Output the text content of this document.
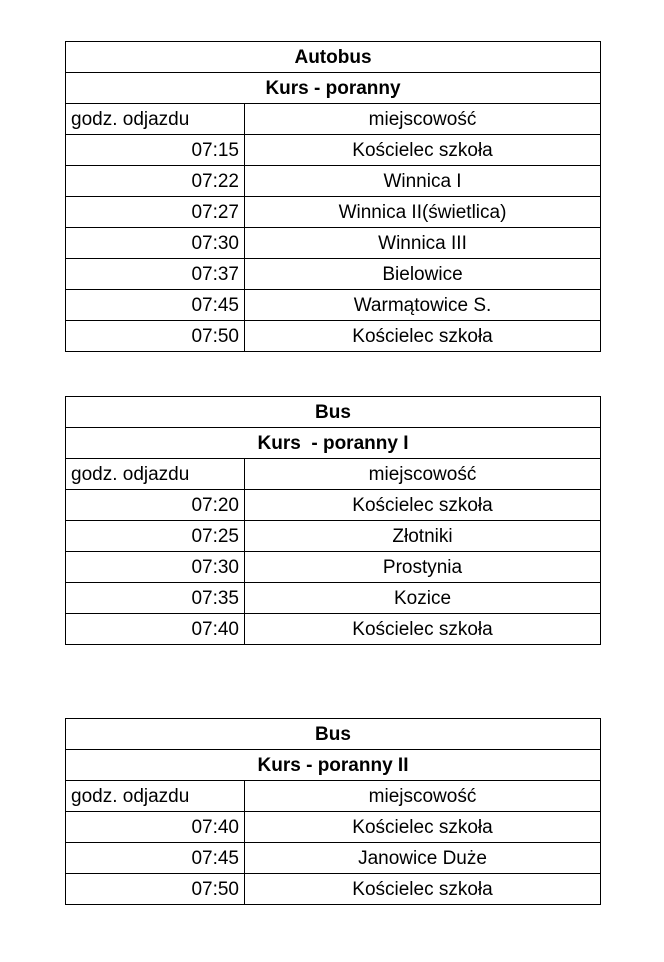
Autobus	
Kurs - poranny	
godz. odjazdu	miejscowość
07:15	Kościelec szkoła
07:22	Winnica I
07:27	Winnica II(świetlica)
07:30	Winnica III
07:37	Bielowice
07:45	Warmątowice S.
07:50	Kościelec szkoła
Bus	
Kurs  - poranny I	
godz. odjazdu	miejscowość
07:20	Kościelec szkoła
07:25	Złotniki
07:30	Prostynia
07:35	Kozice
07:40	Kościelec szkoła
Bus	
Kurs - poranny II	
godz. odjazdu	miejscowość
07:40	Kościelec szkoła
07:45	Janowice Duże
07:50	Kościelec szkoła
